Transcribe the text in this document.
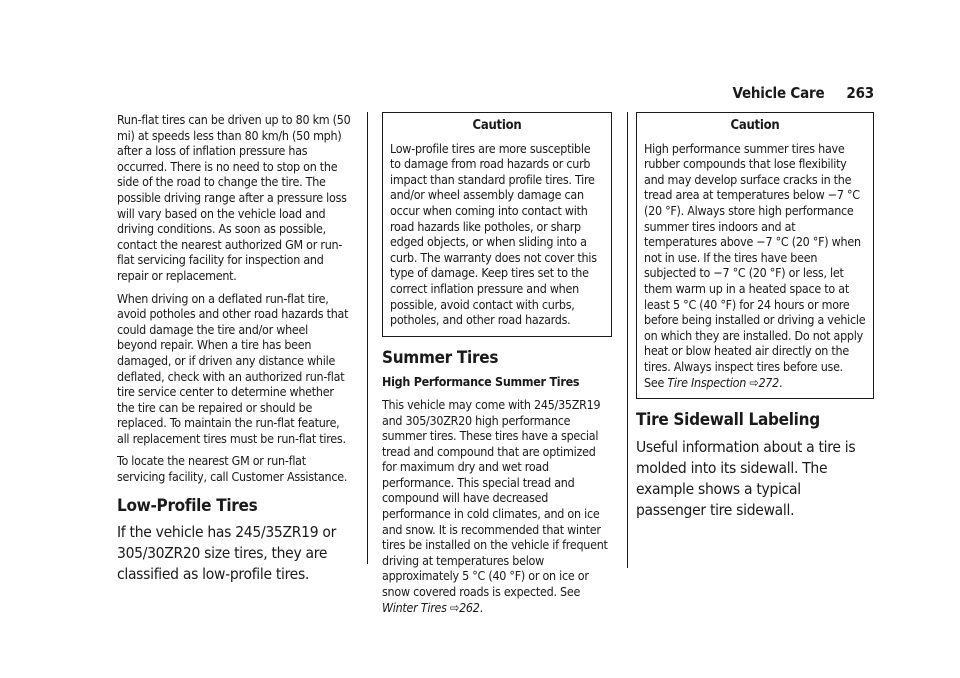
Vehicle Care 263

Run-flat tires can be driven up to 80 km (50 mi) at speeds less than 80 km/h (50 mph) after a loss of inflation pressure has occurred. There is no need to stop on the side of the road to change the tire. The possible driving range after a pressure loss will vary based on the vehicle load and driving conditions. As soon as possible, contact the nearest authorized GM or run-flat servicing facility for inspection and repair or replacement.

When driving on a deflated run-flat tire, avoid potholes and other road hazards that could damage the tire and/or wheel beyond repair. When a tire has been damaged, or if driven any distance while deflated, check with an authorized run-flat tire service center to determine whether the tire can be repaired or should be replaced. To maintain the run-flat feature, all replacement tires must be run-flat tires.

To locate the nearest GM or run-flat servicing facility, call Customer Assistance.

Low-Profile Tires

If the vehicle has 245/35ZR19 or 305/30ZR20 size tires, they are classified as low-profile tires.

Caution

Low-profile tires are more susceptible to damage from road hazards or curb impact than standard profile tires. Tire and/or wheel assembly damage can occur when coming into contact with road hazards like potholes, or sharp edged objects, or when sliding into a curb. The warranty does not cover this type of damage. Keep tires set to the correct inflation pressure and when possible, avoid contact with curbs, potholes, and other road hazards.

Summer Tires

High Performance Summer Tires

This vehicle may come with 245/35ZR19 and 305/30ZR20 high performance summer tires. These tires have a special tread and compound that are optimized for maximum dry and wet road performance. This special tread and compound will have decreased performance in cold climates, and on ice and snow. It is recommended that winter tires be installed on the vehicle if frequent driving at temperatures below approximately 5 °C (40 °F) or on ice or snow covered roads is expected. See Winter Tires ⇨262.

Caution

High performance summer tires have rubber compounds that lose flexibility and may develop surface cracks in the tread area at temperatures below −7 °C (20 °F). Always store high performance summer tires indoors and at temperatures above −7 °C (20 °F) when not in use. If the tires have been subjected to −7 °C (20 °F) or less, let them warm up in a heated space to at least 5 °C (40 °F) for 24 hours or more before being installed or driving a vehicle on which they are installed. Do not apply heat or blow heated air directly on the tires. Always inspect tires before use. See Tire Inspection ⇨272.

Tire Sidewall Labeling

Useful information about a tire is molded into its sidewall. The example shows a typical passenger tire sidewall.
